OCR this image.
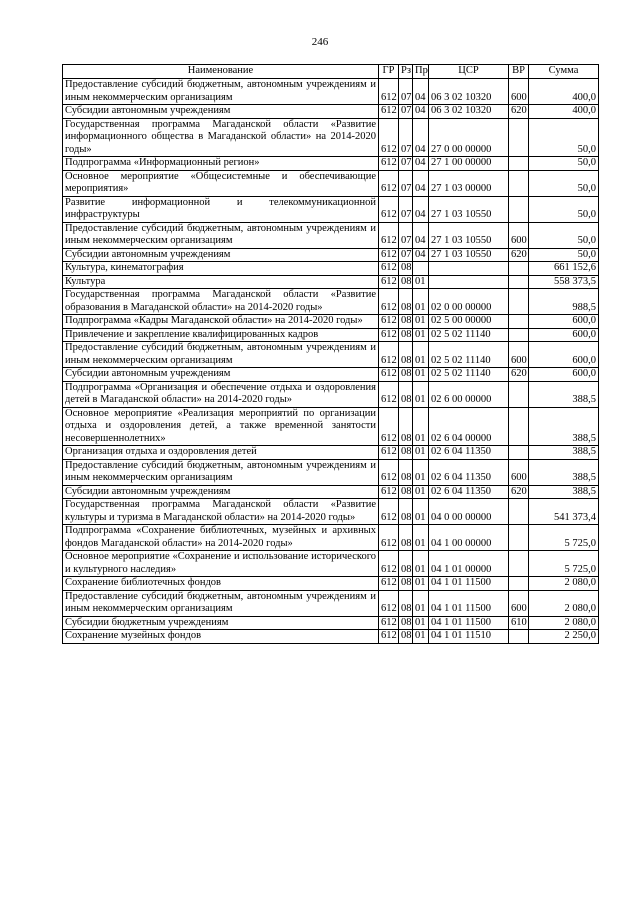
246
Наименование	ГР	Рз	Пр	ЦСР	ВР	Сумма
Предоставление субсидий бюджетным, автономным учреждениям и иным некоммерческим организациям	612	07	04	06 3 02 10320	600	400,0
Субсидии автономным учреждениям	612	07	04	06 3 02 10320	620	400,0
Государственная программа Магаданской области «Развитие информационного общества в Магаданской области» на 2014-2020 годы»	612	07	04	27 0 00 00000		50,0
Подпрограмма «Информационный регион»	612	07	04	27 1 00 00000		50,0
Основное мероприятие «Общесистемные и обеспечивающие мероприятия»	612	07	04	27 1 03 00000		50,0
Развитие информационной и телекоммуникационной инфраструктуры	612	07	04	27 1 03 10550		50,0
Предоставление субсидий бюджетным, автономным учреждениям и иным некоммерческим организациям	612	07	04	27 1 03 10550	600	50,0
Субсидии автономным учреждениям	612	07	04	27 1 03 10550	620	50,0
Культура, кинематография	612	08				661 152,6
Культура	612	08	01			558 373,5
Государственная программа Магаданской области «Развитие образования в Магаданской области» на 2014-2020 годы»	612	08	01	02 0 00 00000		988,5
Подпрограмма «Кадры Магаданской области» на 2014-2020 годы»	612	08	01	02 5 00 00000		600,0
Привлечение и закрепление квалифицированных кадров	612	08	01	02 5 02 11140		600,0
Предоставление субсидий бюджетным, автономным учреждениям и иным некоммерческим организациям	612	08	01	02 5 02 11140	600	600,0
Субсидии автономным учреждениям	612	08	01	02 5 02 11140	620	600,0
Подпрограмма «Организация и обеспечение отдыха и оздоровления детей в Магаданской области» на 2014-2020 годы»	612	08	01	02 6 00 00000		388,5
Основное мероприятие «Реализация мероприятий по организации отдыха и оздоровления детей, а также временной занятости несовершеннолетних»	612	08	01	02 6 04 00000		388,5
Организация отдыха и оздоровления детей	612	08	01	02 6 04 11350		388,5
Предоставление субсидий бюджетным, автономным учреждениям и иным некоммерческим организациям	612	08	01	02 6 04 11350	600	388,5
Субсидии автономным учреждениям	612	08	01	02 6 04 11350	620	388,5
Государственная программа Магаданской области «Развитие культуры и туризма в Магаданской области» на 2014-2020 годы»	612	08	01	04 0 00 00000		541 373,4
Подпрограмма «Сохранение библиотечных, музейных и архивных фондов Магаданской области» на 2014-2020 годы»	612	08	01	04 1 00 00000		5 725,0
Основное мероприятие «Сохранение и использование исторического и культурного наследия»	612	08	01	04 1 01 00000		5 725,0
Сохранение библиотечных фондов	612	08	01	04 1 01 11500		2 080,0
Предоставление субсидий бюджетным, автономным учреждениям и иным некоммерческим организациям	612	08	01	04 1 01 11500	600	2 080,0
Субсидии бюджетным учреждениям	612	08	01	04 1 01 11500	610	2 080,0
Сохранение музейных фондов	612	08	01	04 1 01 11510		2 250,0
